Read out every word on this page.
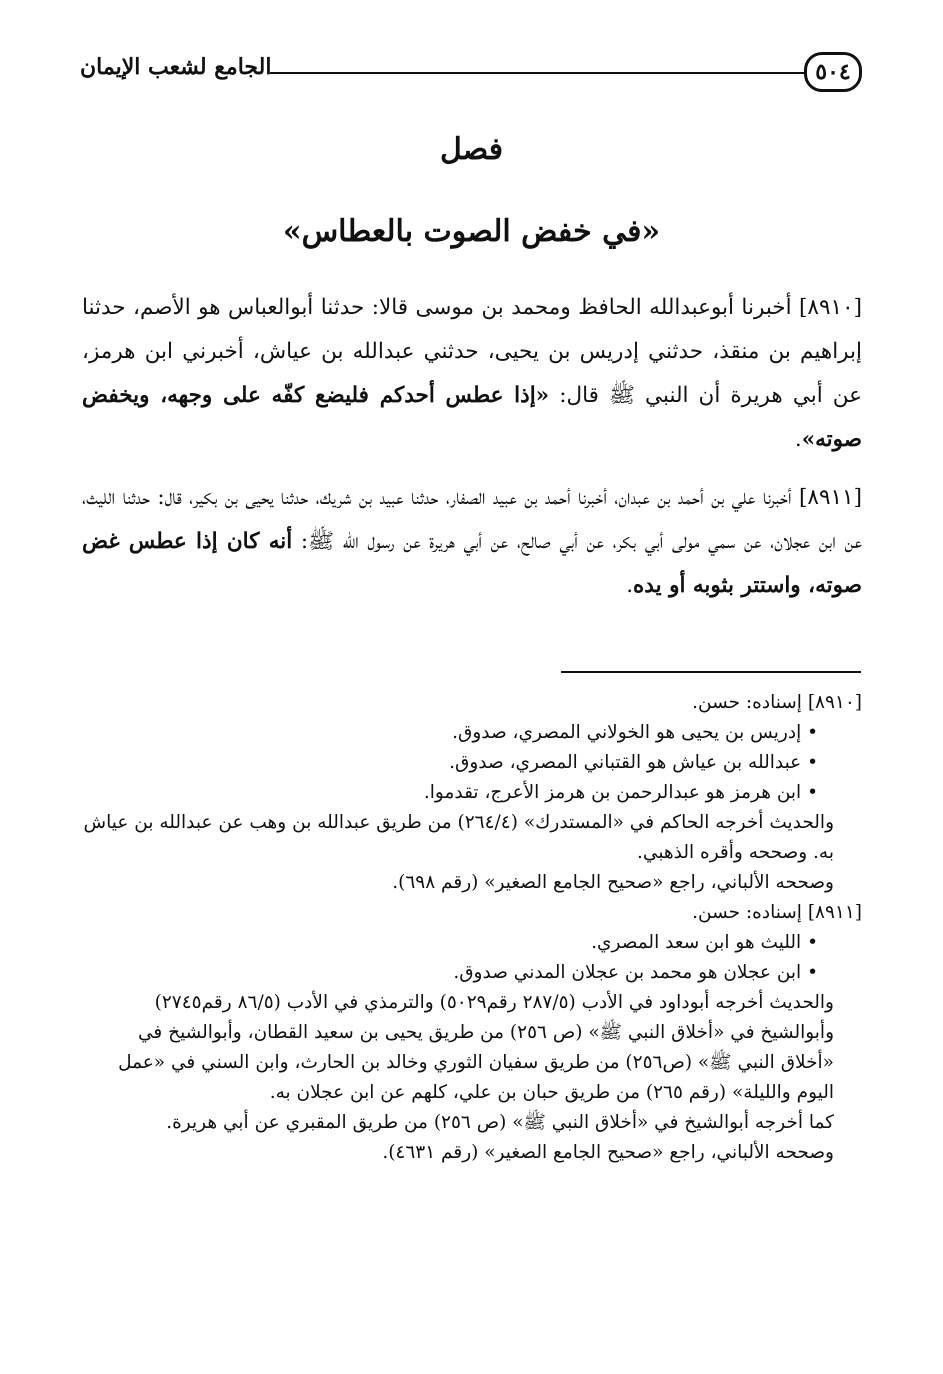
٥٠٤
الجامع لشعب الإيمان
فصل
«في خفض الصوت بالعطاس»

[٨٩١٠] أخبرنا أبوعبدالله الحافظ ومحمد بن موسى قالا: حدثنا أبوالعباس هو الأصم، حدثنا إبراهيم بن منقذ، حدثني إدريس بن يحيى، حدثني عبدالله بن عياش، أخبرني ابن هرمز، عن أبي هريرة أن النبي ﷺ قال: «إذا عطس أحدكم فليضع كفّه على وجهه، ويخفض صوته».

[٨٩١١] أخبرنا علي بن أحمد بن عبدان، أخبرنا أحمد بن عبيد الصفار، حدثنا عبيد بن شريك، حدثنا يحيى بن بكير، قال: حدثنا الليث، عن ابن عجلان، عن سمي مولى أبي بكر، عن أبي صالح، عن أبي هريرة عن رسول الله ﷺ: أنه كان إذا عطس غض صوته، واستتر بثوبه أو يده.

[٨٩١٠] إسناده: حسن.
• إدريس بن يحيى هو الخولاني المصري، صدوق.
• عبدالله بن عياش هو القتباني المصري، صدوق.
• ابن هرمز هو عبدالرحمن بن هرمز الأعرج، تقدموا.
والحديث أخرجه الحاكم في «المستدرك» (٢٦٤/٤) من طريق عبدالله بن وهب عن عبدالله بن عياش به. وصححه وأقره الذهبي.
وصححه الألباني، راجع «صحيح الجامع الصغير» (رقم ٦٩٨).
[٨٩١١] إسناده: حسن.
• الليث هو ابن سعد المصري.
• ابن عجلان هو محمد بن عجلان المدني صدوق.
والحديث أخرجه أبوداود في الأدب (٢٨٧/٥ رقم٥٠٢٩) والترمذي في الأدب (٨٦/٥ رقم٢٧٤٥) وأبوالشيخ في «أخلاق النبي ﷺ» (ص ٢٥٦) من طريق يحيى بن سعيد القطان، وأبوالشيخ في «أخلاق النبي ﷺ» (ص٢٥٦) من طريق سفيان الثوري وخالد بن الحارث، وابن السني في «عمل اليوم والليلة» (رقم ٢٦٥) من طريق حبان بن علي، كلهم عن ابن عجلان به.
كما أخرجه أبوالشيخ في «أخلاق النبي ﷺ» (ص ٢٥٦) من طريق المقبري عن أبي هريرة.
وصححه الألباني، راجع «صحيح الجامع الصغير» (رقم ٤٦٣١).
